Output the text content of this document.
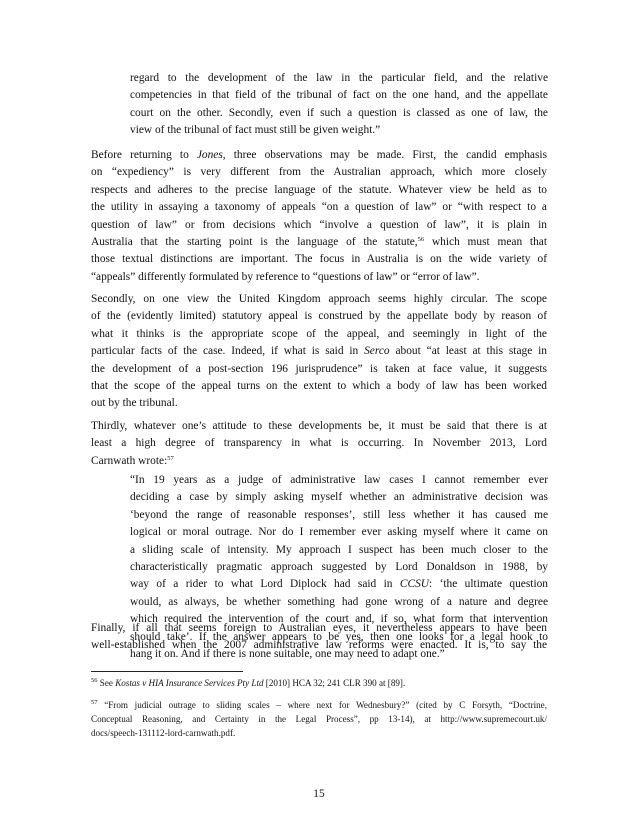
regard to the development of the law in the particular field, and the relative
competencies in that field of the tribunal of fact on the one hand, and the appellate
court on the other. Secondly, even if such a question is classed as one of law, the
view of the tribunal of fact must still be given weight.”
Before returning to Jones, three observations may be made. First, the candid emphasis
on “expediency” is very different from the Australian approach, which more closely
respects and adheres to the precise language of the statute. Whatever view be held as to
the utility in assaying a taxonomy of appeals “on a question of law” or “with respect to a
question of law” or from decisions which “involve a question of law”, it is plain in
Australia that the starting point is the language of the statute,$^{56}$ which must mean that
those textual distinctions are important. The focus in Australia is on the wide variety of
“appeals” differently formulated by reference to “questions of law” or “error of law”.
Secondly, on one view the United Kingdom approach seems highly circular. The scope
of the (evidently limited) statutory appeal is construed by the appellate body by reason of
what it thinks is the appropriate scope of the appeal, and seemingly in light of the
particular facts of the case. Indeed, if what is said in Serco about “at least at this stage in
the development of a post-section 196 jurisprudence” is taken at face value, it suggests
that the scope of the appeal turns on the extent to which a body of law has been worked
out by the tribunal.
Thirdly, whatever one’s attitude to these developments be, it must be said that there is at
least a high degree of transparency in what is occurring. In November 2013, Lord
Carnwath wrote:$^{57}$
“In 19 years as a judge of administrative law cases I cannot remember ever
deciding a case by simply asking myself whether an administrative decision was
‘beyond the range of reasonable responses’, still less whether it has caused me
logical or moral outrage. Nor do I remember ever asking myself where it came on
a sliding scale of intensity. My approach I suspect has been much closer to the
characteristically pragmatic approach suggested by Lord Donaldson in 1988, by
way of a rider to what Lord Diplock had said in CCSU: ‘the ultimate question
would, as always, be whether something had gone wrong of a nature and degree
which required the intervention of the court and, if so, what form that intervention
should take’. If the answer appears to be yes, then one looks for a legal hook to
hang it on. And if there is none suitable, one may need to adapt one.”
Finally, if all that seems foreign to Australian eyes, it nevertheless appears to have been
well-established when the 2007 administrative law reforms were enacted. It is, to say the
$^{56}$ See Kostas v HIA Insurance Services Pty Ltd [2010] HCA 32; 241 CLR 390 at [89].
$^{57}$ “From judicial outrage to sliding scales – where next for Wednesbury?” (cited by C Forsyth, “Doctrine,
Conceptual Reasoning, and Certainty in the Legal Process”, pp 13-14), at http://www.supremecourt.uk/
docs/speech-131112-lord-carnwath.pdf.
15
